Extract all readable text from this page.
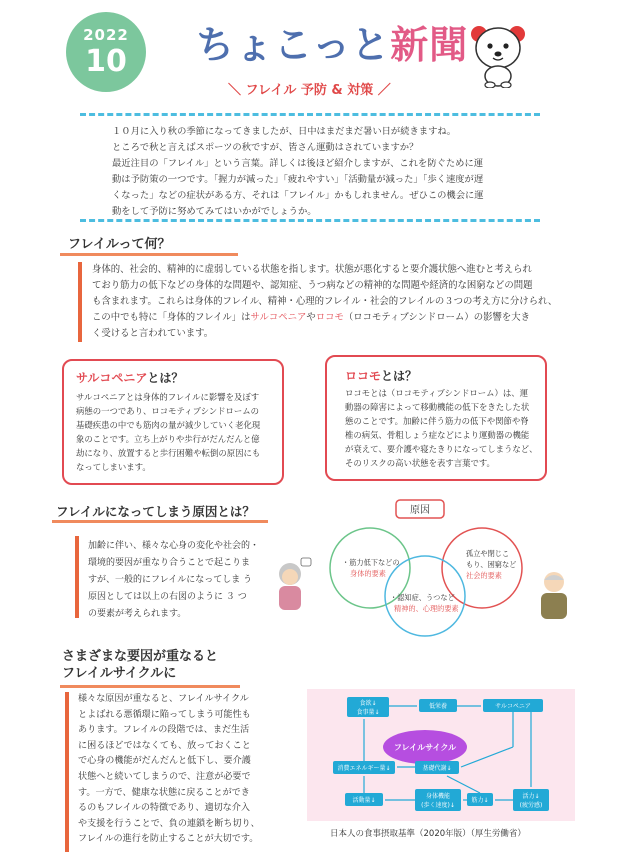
2022
10	ちょこっと新聞
＼ フレイル 予防 & 対策 ／

１０月に入り秋の季節になってきましたが、日中はまだまだ暑い日が続きますね。

ところで秋と言えばスポーツの秋ですが、皆さん運動はされていますか？

最近注目の「フレイル」という言葉。詳しくは後ほど紹介しますが、これを防ぐために運

動は予防策の一つです。「握力が減った」「疲れやすい」「活動量が減った」「歩く速度が遅

くなった」などの症状がある方、それは「フレイル」かもしれません。ぜひこの機会に運

動をして予防に努めてみてはいかがでしょうか。

フレイルって何？

身体的、社会的、精神的に虚弱している状態を指します。状態が悪化すると要介護状態へ進むと考えられ

ており筋力の低下などの身体的な問題や、認知症、うつ病などの精神的な問題や経済的な困窮などの問題

も含まれます。これらは身体的フレイル、精神・心理的フレイル・社会的フレイルの３つの考え方に分けられ、

この中でも特に「身体的フレイル」はサルコペニアやロコモ（ロコモティブシンドローム）の影響を大き

く受けると言われています。

サルコペニアとは？

サルコペニアとは身体的フレイルに影響を及ぼす

病態の一つであり、ロコモティブシンドロームの

基礎疾患の中でも筋肉の量が減少していく老化現

象のことです。立ち上がりや歩行がだんだんと億

劫になり、放置すると歩行困難や転倒の原因にも

なってしまいます。

ロコモとは？

ロコモとは（ロコモティブシンドローム）は、運

動器の障害によって移動機能の低下をきたした状

態のことです。加齢に伴う筋力の低下や関節や脊

椎の病気、骨粗しょう症などにより運動器の機能

が衰えて、要介護や寝たきりになってしまうなど、

そのリスクの高い状態を表す言葉です。

フレイルになってしまう原因とは？

加齢に伴い、様々な心身の変化や社会的・

環境的要因が重なり合うことで起こりま

すが、一般的にフレイルになってしま う

原因としては以上の右図のように ３ つ

の要素が考えられます。

原因
・筋力低下などの
身体的要素
孤立や閉じこ
もり、困窮など
社会的要素
・認知症、うつなど
精神的、心理的要素
さまざまな要因が重なると
フレイルサイクルに

様々な原因が重なると、フレイルサイクル

とよばれる悪循環に陥ってしまう可能性も

あります。フレイルの段階では、まだ生活

に困るほどではなくても、放っておくこと

で心身の機能がだんだんと低下し、要介護

状態へと続いてしまうので、注意が必要で

す。一方で、健康な状態に戻ることができ

るのもフレイルの特徴であり、適切な介入

や支援を行うことで、負の連鎖を断ち切り、

フレイルの進行を防止することが大切です。

フレイルサイクル
食欲↓
食事量↓
低栄養	サルコペニア
消費エネルギー量↓	基礎代謝↓
身体機能
(歩く速度)↓
筋力↓
活力↓
(疲労感)
活動量↓
日本人の食事摂取基準（2020年版）（厚生労働省）
